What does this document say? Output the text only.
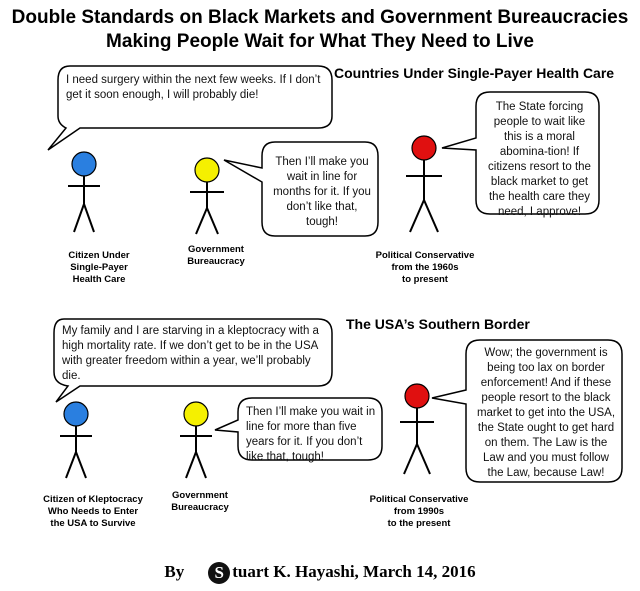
Double Standards on Black Markets and Government Bureaucracies
Making People Wait for What They Need to Live
Countries Under Single-Payer Health Care
I need surgery within the next few weeks. If I don’t get it soon enough, I will probably die!
Then I’ll make you wait in line for months for it. If you don’t like that, tough!
The State forcing people to wait like this is a moral abomina-tion! If citizens resort to the black market to get the health care they need, I approve!
Citizen Under
Single-Payer
Health Care
Government
Bureaucracy
Political Conservative
from the 1960s
to present
The USA’s Southern Border
My family and I are starving in a kleptocracy with a high mortality rate. If we don’t get to be in the USA with greater freedom within a year, we’ll probably die.
Then I’ll make you wait in line for more than five years for it. If you don’t like that, tough!
Wow; the government is being too lax on border enforcement! And if these people resort to the black market to get into the USA, the State ought to get hard on them. The Law is the Law and you must follow the Law, because Law!
Citizen of Kleptocracy
Who Needs to Enter
the USA to Survive
Government
Bureaucracy
Political Conservative
from 1990s
to the present
By S tuart K. Hayashi, March 14, 2016
